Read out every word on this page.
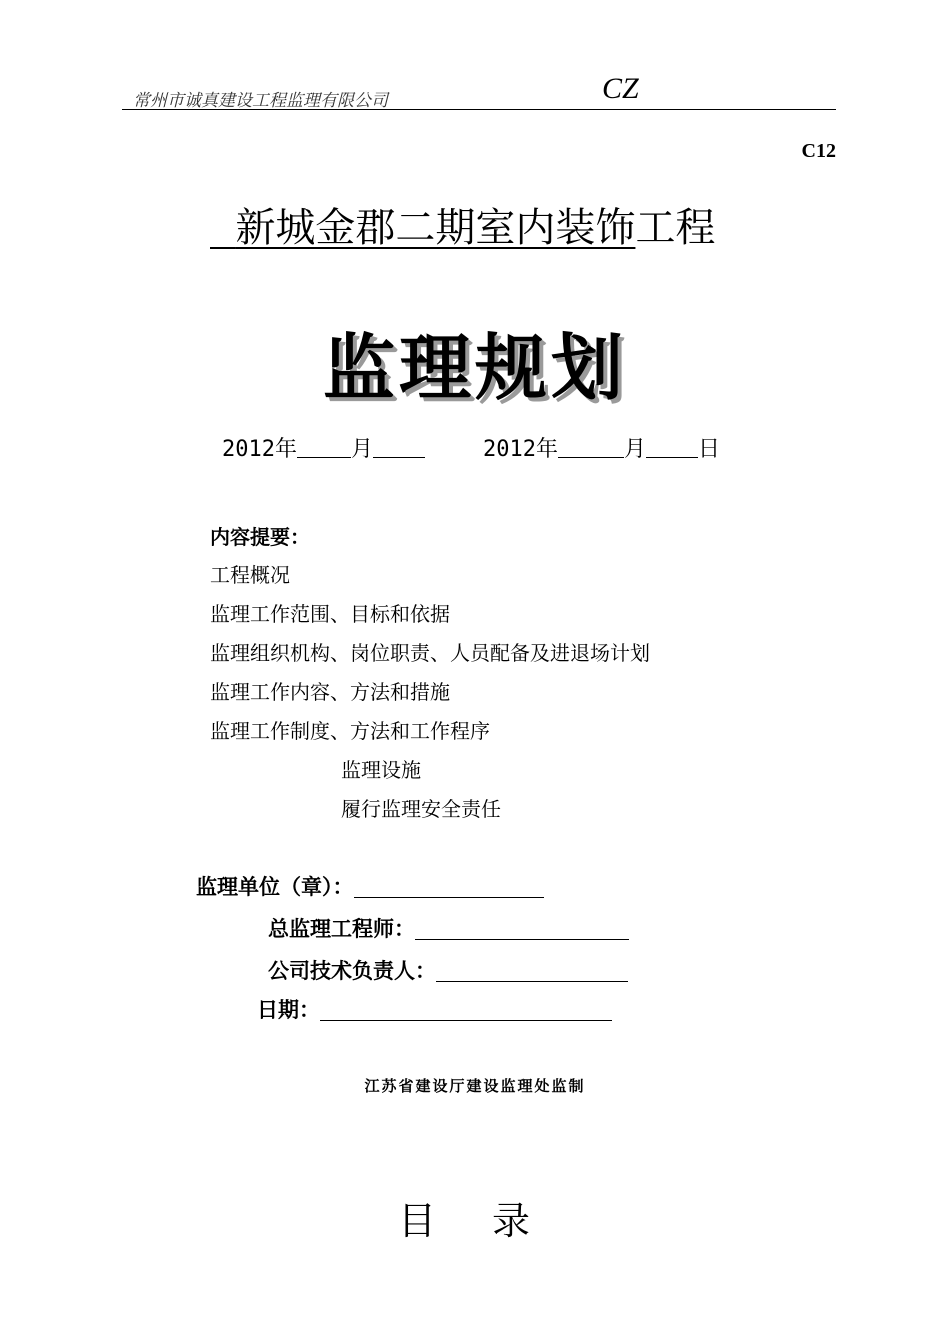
常州市诚真建设工程监理有限公司	CZ
C12
新城金郡二期室内装饰工程
监理规划
2012年 月	2012年	月 日
内容提要：
工程概况
监理工作范围、目标和依据
监理组织机构、岗位职责、人员配备及进退场计划
监理工作内容、方法和措施
监理工作制度、方法和工作程序
监理设施
履行监理安全责任
监理单位（章）：
总监理工程师：
公司技术负责人：
日期：
江苏省建设厅建设监理处监制
目 录
